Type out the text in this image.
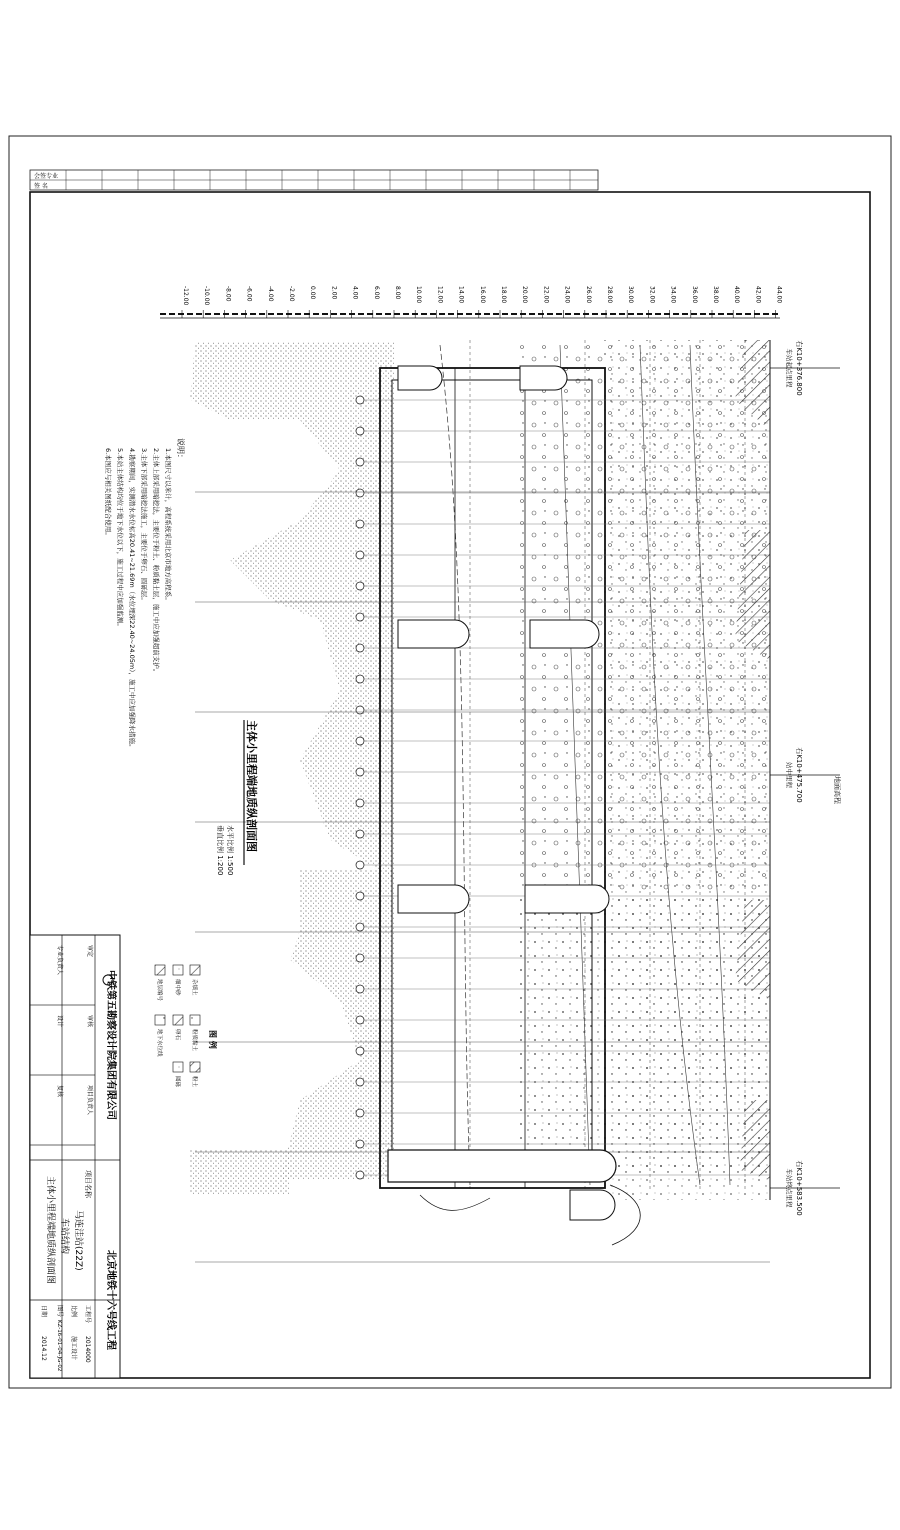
会签专业
签 名
-12.00 -10.00 -8.00 -6.00 -4.00 -2.00 0.00 2.00 4.00 6.00 8.00 10.00 12.00 14.00 16.00 18.00 20.00 22.00 24.00 26.00 28.00 30.00 32.00 34.00 36.00 38.00 40.00 42.00 44.00
车站起点里程 右K10+376.800
站中里程 右K10+475.700	地面高程
车站终点里程 右K10+583.500
说明：
1.本图尺寸以米计，高程系统采用北京市地方高程系。
2.主体上部采用暗挖法，主要位于粉土、粉质黏土层，施工中应加强超前支护。
3.主体下部采用暗挖法施工，主要位于卵石、圆砾层。
4.勘察期间，实测潜水水位标高20.41~21.69m（水位埋深22.40~24.05m），施工中应加强降水措施。
5.本站主体结构均位于地下水位以下，施工过程中应加强监测。
6.本图应与相关图纸配合使用。
主体小里程端地质纵剖面图
水平比例 1:500
垂直比例 1:200
图 例
杂填土
粉质黏土
粉土
细中砂
卵石
圆砾
地层编号
地下水位线
审定
审核
项目负责人
专业负责人
设计
复核	中铁第五勘察设计院集团有限公司
北京地铁十六号线工程
项目名称
马连洼站(22Z)
车站结构
主体小里程端地质纵剖面图
工程号
2014000
比例
施工设计
图号
KZ-16-01-04-JG-02
日期
2014.12
